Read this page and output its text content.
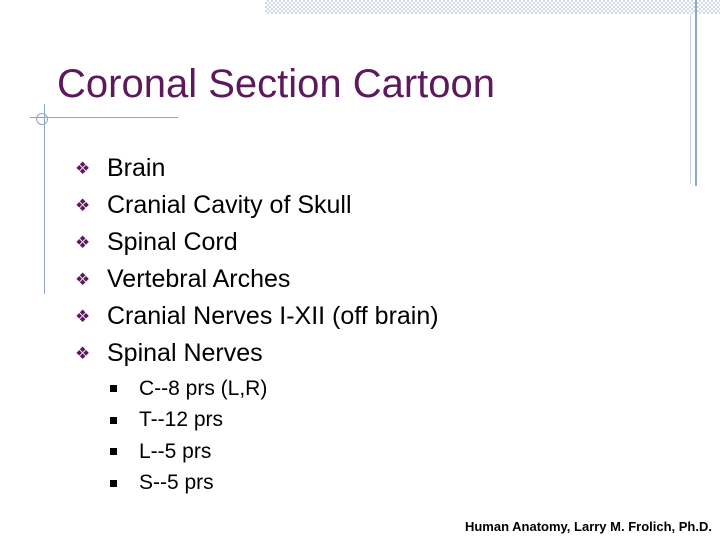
Coronal Section Cartoon
❖ Brain
❖ Cranial Cavity of Skull
❖ Spinal Cord
❖ Vertebral Arches
❖ Cranial Nerves I-XII (off brain)
❖ Spinal Nerves
C--8 prs (L,R)
T--12 prs
L--5 prs
S--5 prs
Human Anatomy, Larry M. Frolich, Ph.D.
